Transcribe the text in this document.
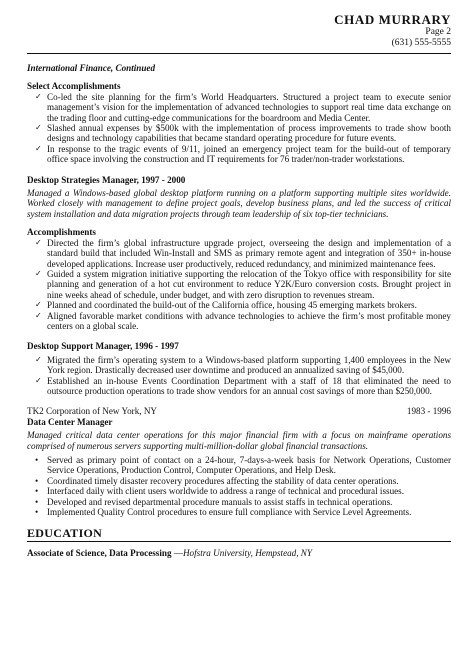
CHAD MURRARY
Page 2
(631) 555-5555
International Finance, Continued
Select Accomplishments
✓ Co-led the site planning for the firm’s World Headquarters. Structured a project team to execute senior management’s vision for the implementation of advanced technologies to support real time data exchange on the trading floor and cutting-edge communications for the boardroom and Media Center.
✓ Slashed annual expenses by $500k with the implementation of process improvements to trade show booth designs and technology capabilities that became standard operating procedure for future events.
✓ In response to the tragic events of 9/11, joined an emergency project team for the build-out of temporary office space involving the construction and IT requirements for 76 trader/non-trader workstations.
Desktop Strategies Manager, 1997 - 2000
Managed a Windows-based global desktop platform running on a platform supporting multiple sites worldwide. Worked closely with management to define project goals, develop business plans, and led the success of critical system installation and data migration projects through team leadership of six top-tier technicians.
Accomplishments
✓ Directed the firm’s global infrastructure upgrade project, overseeing the design and implementation of a standard build that included Win-Install and SMS as primary remote agent and integration of 350+ in-house developed applications. Increase user productively, reduced redundancy, and minimized maintenance fees.
✓ Guided a system migration initiative supporting the relocation of the Tokyo office with responsibility for site planning and generation of a hot cut environment to reduce Y2K/Euro conversion costs. Brought project in nine weeks ahead of schedule, under budget, and with zero disruption to revenues stream.
✓ Planned and coordinated the build-out of the California office, housing 45 emerging markets brokers.
✓ Aligned favorable market conditions with advance technologies to achieve the firm’s most profitable money centers on a global scale.
Desktop Support Manager, 1996 - 1997
✓ Migrated the firm’s operating system to a Windows-based platform supporting 1,400 employees in the New York region. Drastically decreased user downtime and produced an annualized saving of $45,000.
✓ Established an in-house Events Coordination Department with a staff of 18 that eliminated the need to outsource production operations to trade show vendors for an annual cost savings of more than $250,000.
TK2 Corporation of New York, NY	1983 - 1996
Data Center Manager
Managed critical data center operations for this major financial firm with a focus on mainframe operations comprised of numerous servers supporting multi-million-dollar global financial transactions.
• Served as primary point of contact on a 24-hour, 7-days-a-week basis for Network Operations, Customer Service Operations, Production Control, Computer Operations, and Help Desk.
• Coordinated timely disaster recovery procedures affecting the stability of data center operations.
• Interfaced daily with client users worldwide to address a range of technical and procedural issues.
• Developed and revised departmental procedure manuals to assist staffs in technical operations.
• Implemented Quality Control procedures to ensure full compliance with Service Level Agreements.
EDUCATION
Associate of Science, Data Processing —Hofstra University, Hempstead, NY
